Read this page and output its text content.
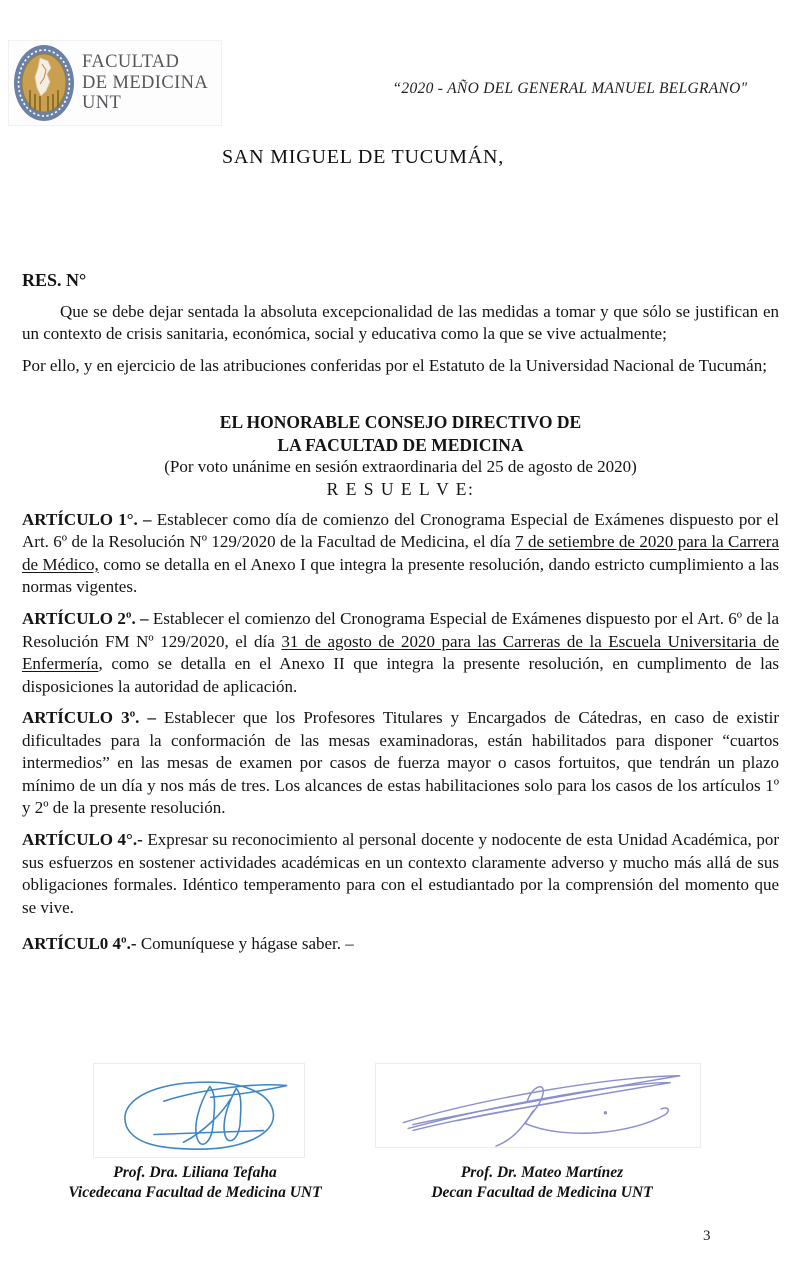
FACULTAD
DE MEDICINA
UNT
“2020 - AÑO DEL GENERAL MANUEL BELGRANO"
SAN MIGUEL DE TUCUMÁN,
RES. N°

Que se debe dejar sentada la absoluta excepcionalidad de las medidas a tomar y que sólo se justifican en un contexto de crisis sanitaria, económica, social y educativa como la que se vive actualmente;

Por ello, y en ejercicio de las atribuciones conferidas por el Estatuto de la Universidad Nacional de Tucumán;

EL HONORABLE CONSEJO DIRECTIVO DE
LA FACULTAD DE MEDICINA
(Por voto unánime en sesión extraordinaria del 25 de agosto de 2020)
R E S U E L V E:

ARTÍCULO 1°. – Establecer como día de comienzo del Cronograma Especial de Exámenes dispuesto por el Art. 6º de la Resolución Nº 129/2020 de la Facultad de Medicina, el día 7 de setiembre de 2020 para la Carrera de Médico, como se detalla en el Anexo I que integra la presente resolución, dando estricto cumplimiento a las normas vigentes.

ARTÍCULO 2º. – Establecer el comienzo del Cronograma Especial de Exámenes dispuesto por el Art. 6º de la Resolución FM Nº 129/2020, el día 31 de agosto de 2020 para las Carreras de la Escuela Universitaria de Enfermería, como se detalla en el Anexo II que integra la presente resolución, en cumplimento de las disposiciones la autoridad de aplicación.

ARTÍCULO 3º. – Establecer que los Profesores Titulares y Encargados de Cátedras, en caso de existir dificultades para la conformación de las mesas examinadoras, están habilitados para disponer “cuartos intermedios” en las mesas de examen por casos de fuerza mayor o casos fortuitos, que tendrán un plazo mínimo de un día y nos más de tres. Los alcances de estas habilitaciones solo para los casos de los artículos 1º y 2º de la presente resolución.

ARTÍCULO 4°.- Expresar su reconocimiento al personal docente y nodocente de esta Unidad Académica, por sus esfuerzos en sostener actividades académicas en un contexto claramente adverso y mucho más allá de sus obligaciones formales. Idéntico temperamento para con el estudiantado por la comprensión del momento que se vive.

ARTÍCUL0 4º.- Comuníquese y hágase saber. –

Prof. Dra. Liliana Tefaha
Vicedecana Facultad de Medicina UNT
Prof. Dr. Mateo Martínez
Decan Facultad de Medicina UNT
3
